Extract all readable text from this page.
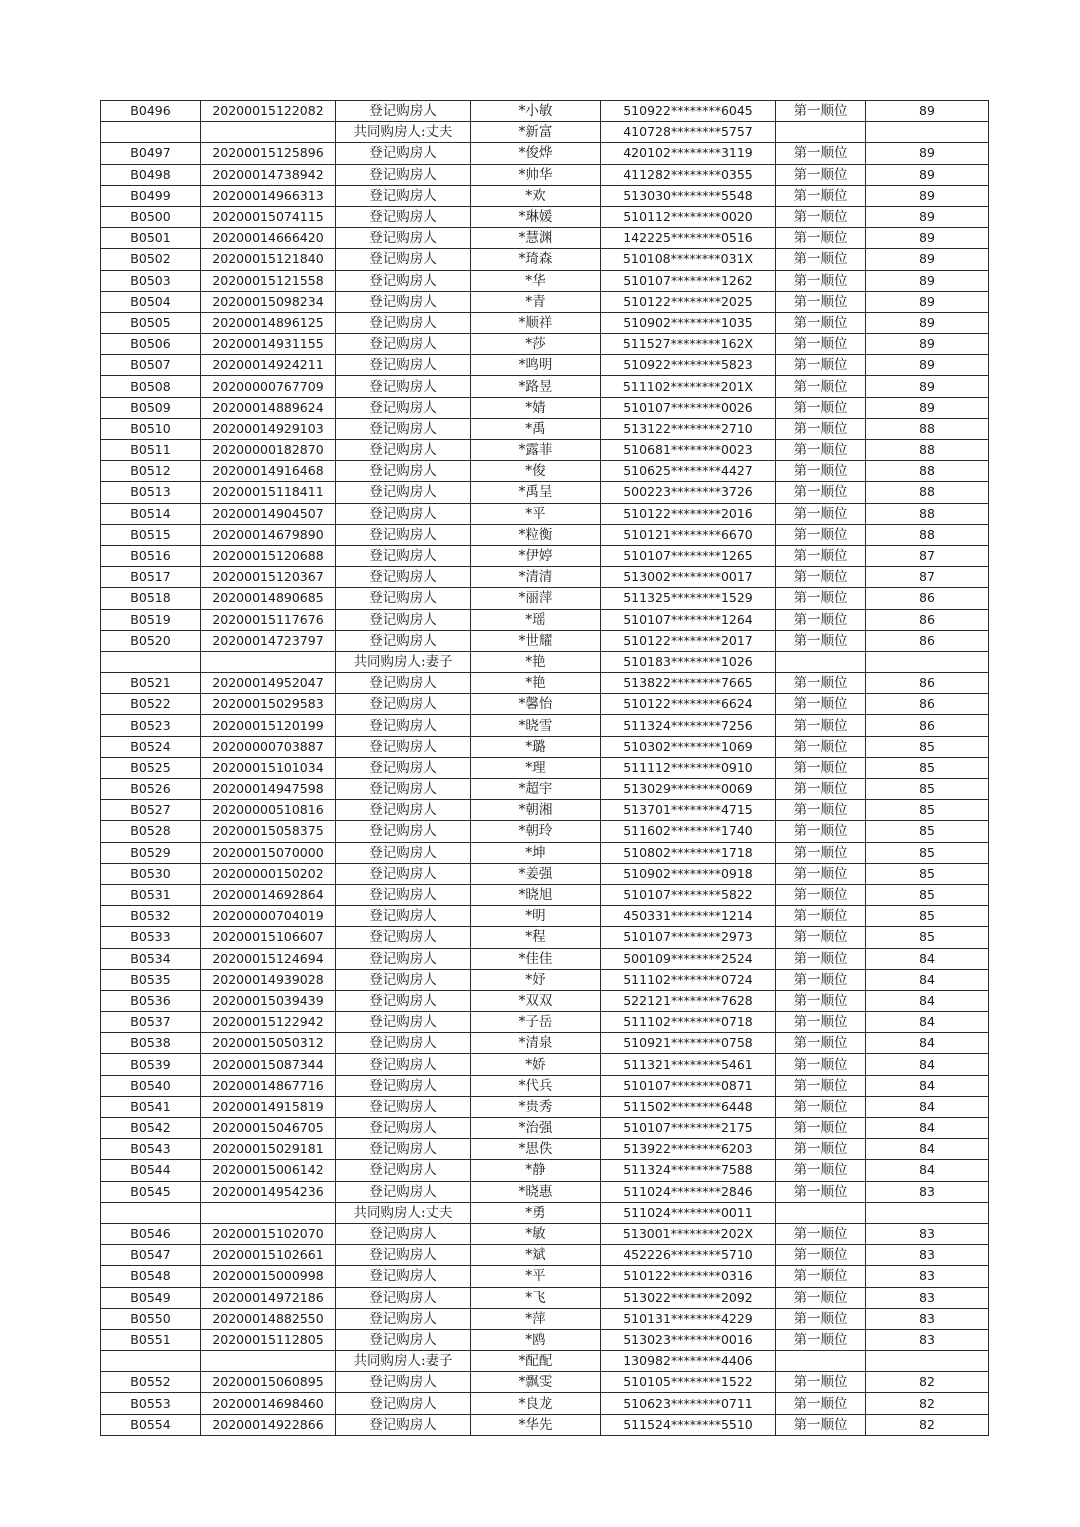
B0496	20200015122082	登记购房人	*小敏	510922********6045	第一顺位	89
		共同购房人:丈夫	*新富	410728********5757		
B0497	20200015125896	登记购房人	*俊烨	420102********3119	第一顺位	89
B0498	20200014738942	登记购房人	*帅华	411282********0355	第一顺位	89
B0499	20200014966313	登记购房人	*欢	513030********5548	第一顺位	89
B0500	20200015074115	登记购房人	*琳媛	510112********0020	第一顺位	89
B0501	20200014666420	登记购房人	*慧渊	142225********0516	第一顺位	89
B0502	20200015121840	登记购房人	*琦森	510108********031X	第一顺位	89
B0503	20200015121558	登记购房人	*华	510107********1262	第一顺位	89
B0504	20200015098234	登记购房人	*青	510122********2025	第一顺位	89
B0505	20200014896125	登记购房人	*顺祥	510902********1035	第一顺位	89
B0506	20200014931155	登记购房人	*莎	511527********162X	第一顺位	89
B0507	20200014924211	登记购房人	*鸣明	510922********5823	第一顺位	89
B0508	20200000767709	登记购房人	*路昱	511102********201X	第一顺位	89
B0509	20200014889624	登记购房人	*婧	510107********0026	第一顺位	89
B0510	20200014929103	登记购房人	*禹	513122********2710	第一顺位	88
B0511	20200000182870	登记购房人	*露菲	510681********0023	第一顺位	88
B0512	20200014916468	登记购房人	*俊	510625********4427	第一顺位	88
B0513	20200015118411	登记购房人	*禹呈	500223********3726	第一顺位	88
B0514	20200014904507	登记购房人	*平	510122********2016	第一顺位	88
B0515	20200014679890	登记购房人	*粒衡	510121********6670	第一顺位	88
B0516	20200015120688	登记购房人	*伊婷	510107********1265	第一顺位	87
B0517	20200015120367	登记购房人	*清清	513002********0017	第一顺位	87
B0518	20200014890685	登记购房人	*丽萍	511325********1529	第一顺位	86
B0519	20200015117676	登记购房人	*瑶	510107********1264	第一顺位	86
B0520	20200014723797	登记购房人	*世耀	510122********2017	第一顺位	86
		共同购房人:妻子	*艳	510183********1026		
B0521	20200014952047	登记购房人	*艳	513822********7665	第一顺位	86
B0522	20200015029583	登记购房人	*馨怡	510122********6624	第一顺位	86
B0523	20200015120199	登记购房人	*晓雪	511324********7256	第一顺位	86
B0524	20200000703887	登记购房人	*璐	510302********1069	第一顺位	85
B0525	20200015101034	登记购房人	*理	511112********0910	第一顺位	85
B0526	20200014947598	登记购房人	*超宇	513029********0069	第一顺位	85
B0527	20200000510816	登记购房人	*朝湘	513701********4715	第一顺位	85
B0528	20200015058375	登记购房人	*朝玲	511602********1740	第一顺位	85
B0529	20200015070000	登记购房人	*坤	510802********1718	第一顺位	85
B0530	20200000150202	登记购房人	*姜强	510902********0918	第一顺位	85
B0531	20200014692864	登记购房人	*晓旭	510107********5822	第一顺位	85
B0532	20200000704019	登记购房人	*明	450331********1214	第一顺位	85
B0533	20200015106607	登记购房人	*程	510107********2973	第一顺位	85
B0534	20200015124694	登记购房人	*佳佳	500109********2524	第一顺位	84
B0535	20200014939028	登记购房人	*妤	511102********0724	第一顺位	84
B0536	20200015039439	登记购房人	*双双	522121********7628	第一顺位	84
B0537	20200015122942	登记购房人	*子岳	511102********0718	第一顺位	84
B0538	20200015050312	登记购房人	*清泉	510921********0758	第一顺位	84
B0539	20200015087344	登记购房人	*娇	511321********5461	第一顺位	84
B0540	20200014867716	登记购房人	*代兵	510107********0871	第一顺位	84
B0541	20200014915819	登记购房人	*贵秀	511502********6448	第一顺位	84
B0542	20200015046705	登记购房人	*治强	510107********2175	第一顺位	84
B0543	20200015029181	登记购房人	*思佚	513922********6203	第一顺位	84
B0544	20200015006142	登记购房人	*静	511324********7588	第一顺位	84
B0545	20200014954236	登记购房人	*晓惠	511024********2846	第一顺位	83
		共同购房人:丈夫	*勇	511024********0011		
B0546	20200015102070	登记购房人	*敏	513001********202X	第一顺位	83
B0547	20200015102661	登记购房人	*斌	452226********5710	第一顺位	83
B0548	20200015000998	登记购房人	*平	510122********0316	第一顺位	83
B0549	20200014972186	登记购房人	*飞	513022********2092	第一顺位	83
B0550	20200014882550	登记购房人	*萍	510131********4229	第一顺位	83
B0551	20200015112805	登记购房人	*鸥	513023********0016	第一顺位	83
		共同购房人:妻子	*配配	130982********4406		
B0552	20200015060895	登记购房人	*飘雯	510105********1522	第一顺位	82
B0553	20200014698460	登记购房人	*良龙	510623********0711	第一顺位	82
B0554	20200014922866	登记购房人	*华先	511524********5510	第一顺位	82
